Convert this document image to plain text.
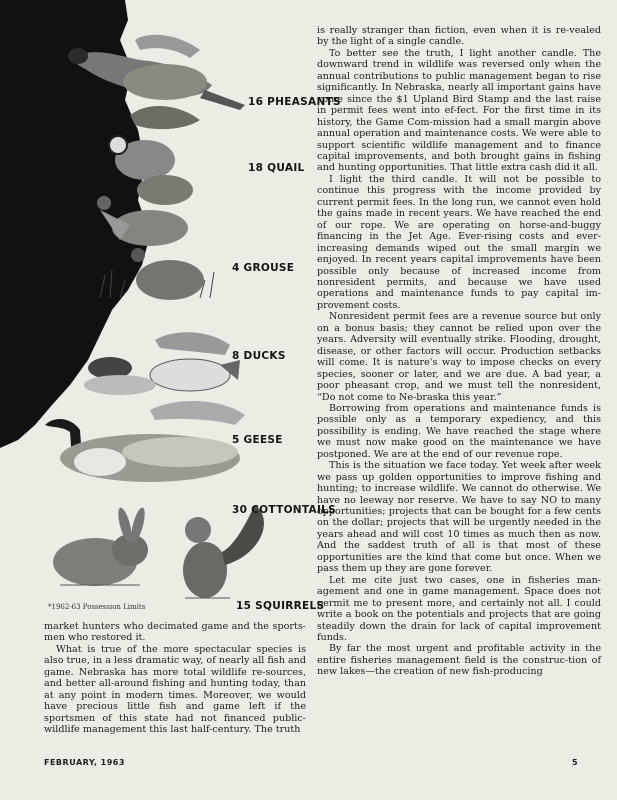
16 PHEASANTS
18 QUAIL
4 GROUSE
8 DUCKS
5 GEESE
30 COTTONTAILS
15 SQUIRRELS
*1962-63 Possession Limits

market hunters who decimated game and the sports-men who restored it.

What is true of the more spectacular species is also true, in a less dramatic way, of nearly all fish and game. Nebraska has more total wildlife re-sources, and better all-around fishing and hunting today, than at any point in modern times. Moreover, we would have precious little fish and game left if the sportsmen of this state had not financed public-wildlife management this last half-century. The truth

is really stranger than fiction, even when it is re-vealed by the light of a single candle.

To better see the truth, I light another candle. The downward trend in wildlife was reversed only when the annual contributions to public management began to rise significantly. In Nebraska, nearly all important gains have come since the $1 Upland Bird Stamp and the last raise in permit fees went into ef-fect. For the first time in its history, the Game Com-mission had a small margin above annual operation and maintenance costs. We were able to support scientific wildlife management and to finance capital improvements, and both brought gains in fishing and hunting opportunities. That little extra cash did it all.

I light the third candle. It will not be possible to continue this progress with the income provided by current permit fees. In the long run, we cannot even hold the gains made in recent years. We have reached the end of our rope. We are operating on horse-and-buggy financing in the Jet Age. Ever-rising costs and ever-increasing demands wiped out the small margin we enjoyed. In recent years capital improvements have been possible only because of increased income from nonresident permits, and because we have used operations and maintenance funds to pay capital im-provement costs.

Nonresident permit fees are a revenue source but only on a bonus basis; they cannot be relied upon over the years. Adversity will eventually strike. Flooding, drought, disease, or other factors will occur. Production setbacks will come. It is nature's way to impose checks on every species, sooner or later, and we are due. A bad year, a poor pheasant crop, and we must tell the nonresident, “Do not come to Ne-braska this year.”

Borrowing from operations and maintenance funds is possible only as a temporary expediency, and this possibility is ending. We have reached the stage where we must now make good on the maintenance we have postponed. We are at the end of our revenue rope.

This is the situation we face today. Yet week after week we pass up golden opportunities to improve fishing and hunting; to increase wildlife. We cannot do otherwise. We have no leeway nor reserve. We have to say NO to many opportunities; projects that can be bought for a few cents on the dollar; projects that will be urgently needed in the years ahead and will cost 10 times as much then as now. And the saddest truth of all is that most of these opportunities are the kind that come but once. When we pass them up they are gone forever.

Let me cite just two cases, one in fisheries man-agement and one in game management. Space does not permit me to present more, and certainly not all. I could write a book on the potentials and projects that are going steadily down the drain for lack of capital improvement funds.

By far the most urgent and profitable activity in the entire fisheries management field is the construc-tion of new lakes—the creation of new fish-producing

FEBRUARY, 1963	5
